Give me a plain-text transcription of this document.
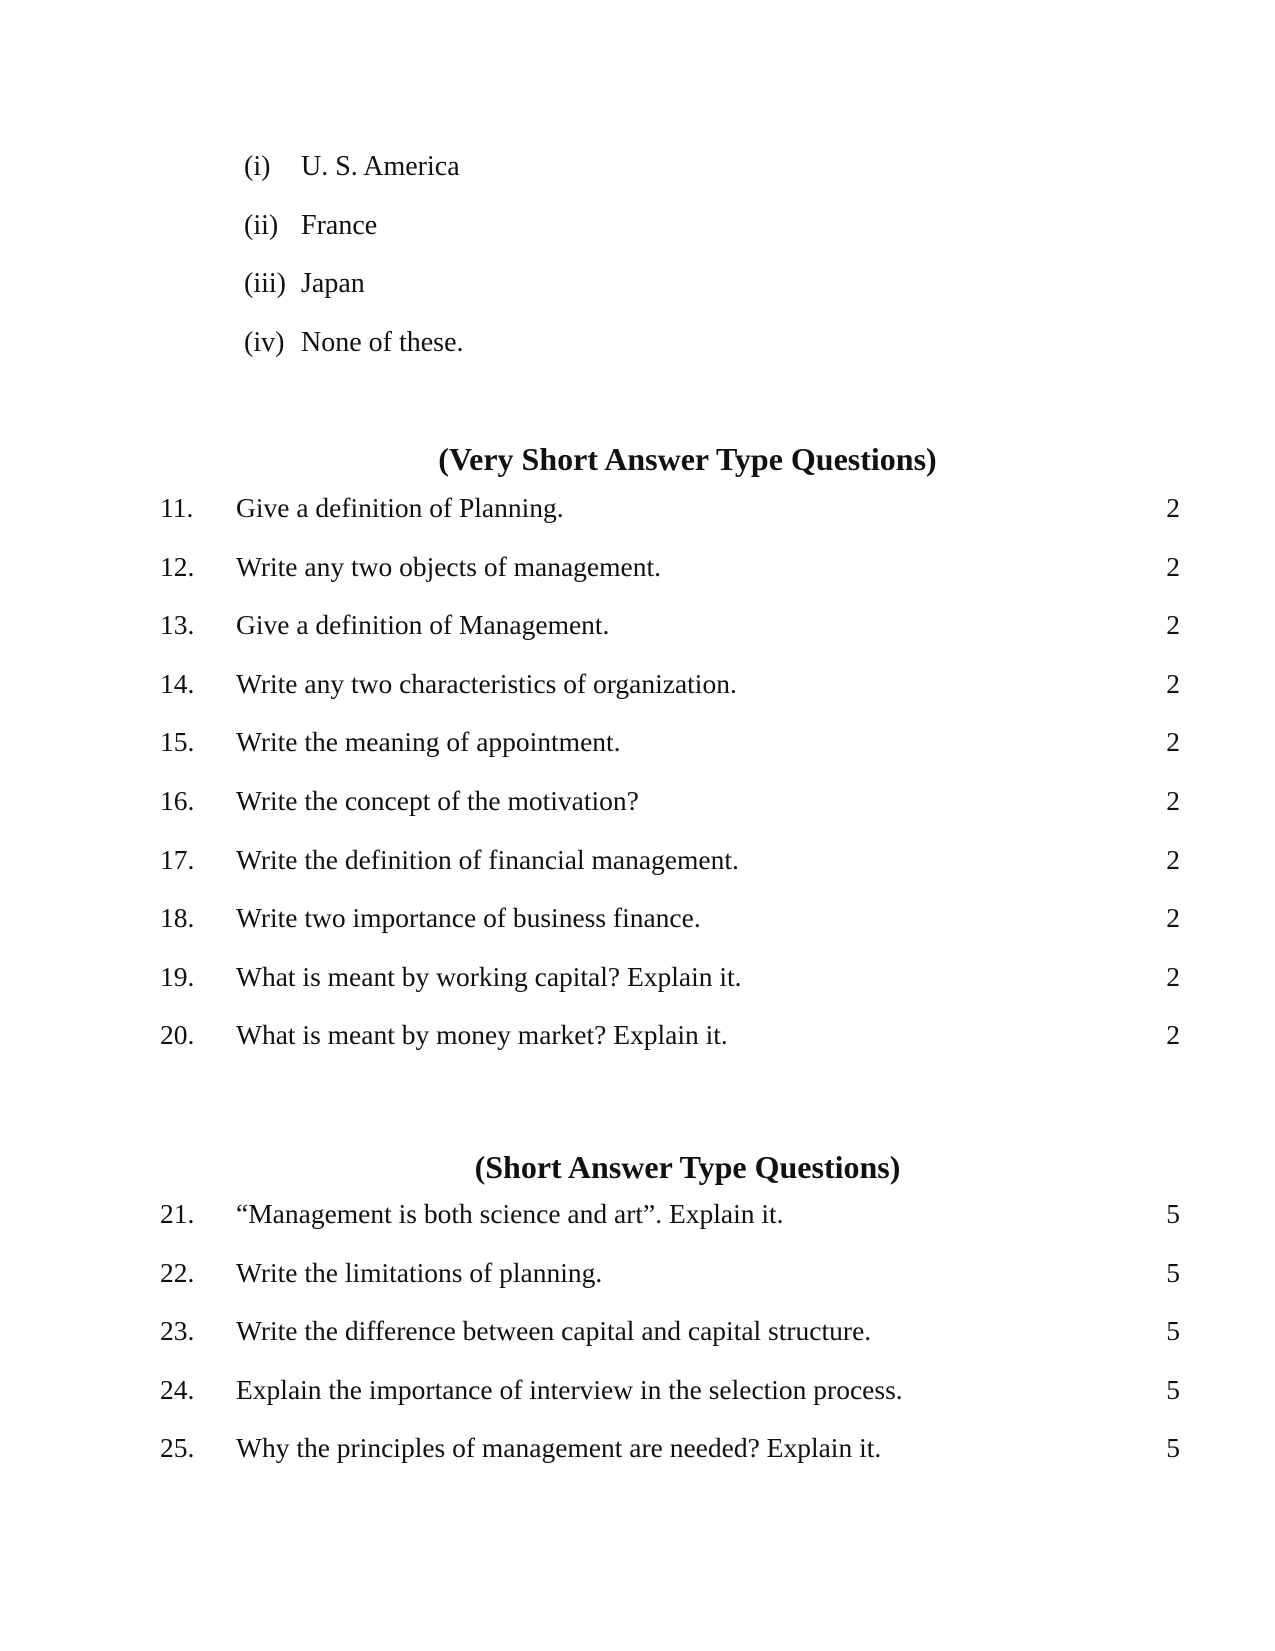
(i) U. S. America
(ii) France
(iii) Japan
(iv) None of these.
(Very Short Answer Type Questions)
11. Give a definition of Planning.	2
12. Write any two objects of management.	2
13. Give a definition of Management.	2
14. Write any two characteristics of organization.	2
15. Write the meaning of appointment.	2
16. Write the concept of the motivation?	2
17. Write the definition of financial management.	2
18. Write two importance of business finance.	2
19. What is meant by working capital? Explain it.	2
20. What is meant by money market? Explain it.	2
(Short Answer Type Questions)
21. “Management is both science and art”. Explain it.	5
22. Write the limitations of planning.	5
23. Write the difference between capital and capital structure.	5
24. Explain the importance of interview in the selection process.	5
25. Why the principles of management are needed? Explain it.	5
